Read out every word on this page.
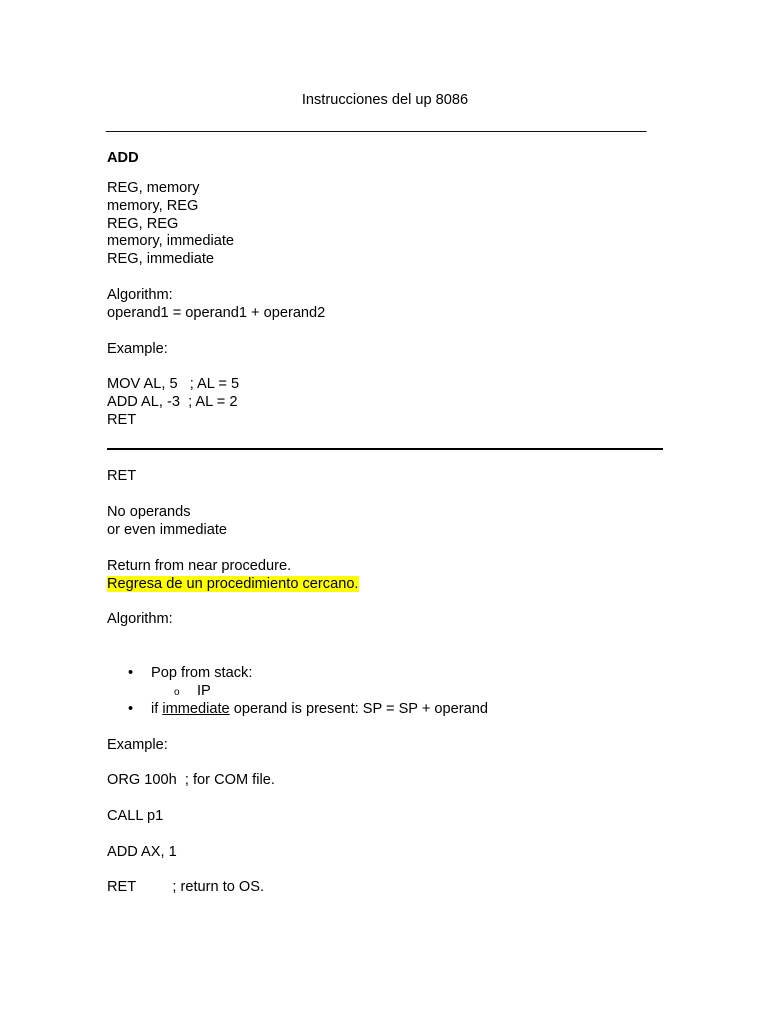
Instrucciones del up 8086
______________________________________________________________________

ADD

REG, memory

memory, REG

REG, REG

memory, immediate

REG, immediate

Algorithm:

operand1 = operand1 + operand2

Example:

MOV AL, 5   ; AL = 5

ADD AL, -3  ; AL = 2

RET

RET

No operands

or even immediate

Return from near procedure.

Regresa de un procedimiento cercano.

Algorithm:

•

Pop from stack:

o

IP

•

if immediate operand is present: SP = SP + operand

Example:

ORG 100h  ; for COM file.

CALL p1

ADD AX, 1

RET         ; return to OS.
